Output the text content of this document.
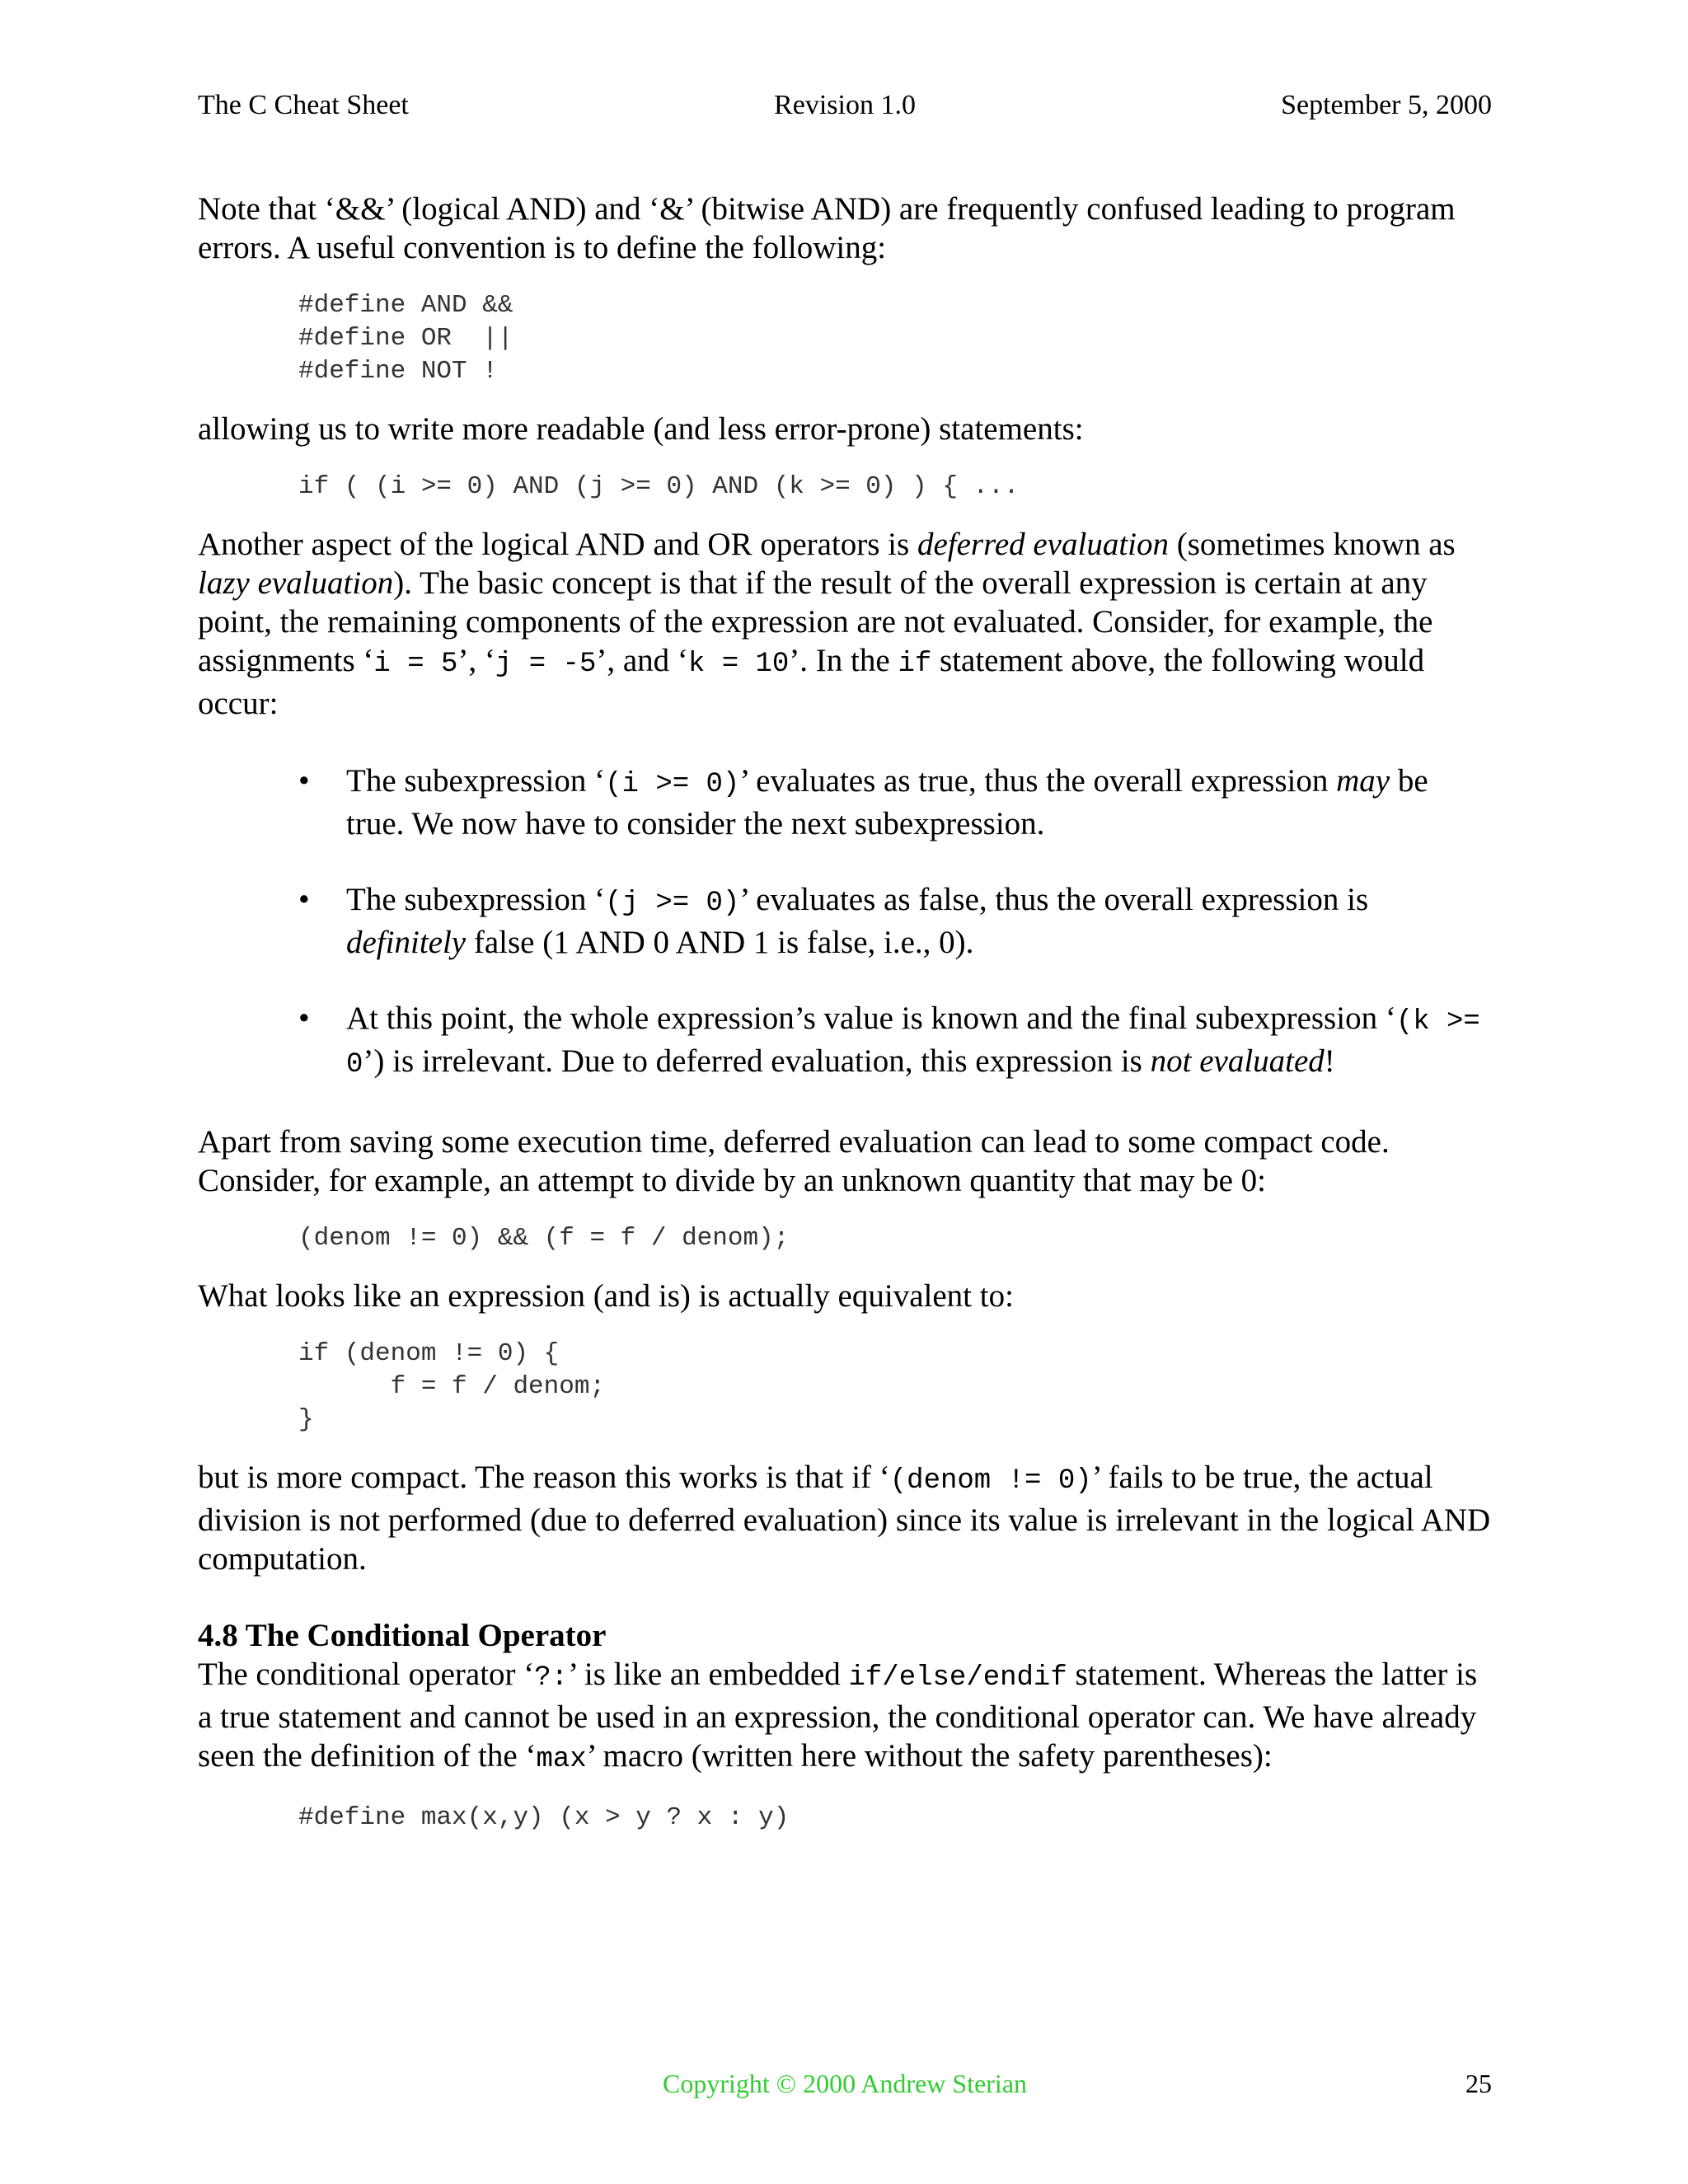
The C Cheat Sheet	Revision 1.0	September 5, 2000

Note that ‘&&’ (logical AND) and ‘&’ (bitwise AND) are frequently confused leading to program errors. A useful convention is to define the following:

#define AND &&
#define OR  ||
#define NOT !

allowing us to write more readable (and less error-prone) statements:

if ( (i >= 0) AND (j >= 0) AND (k >= 0) ) { ...

Another aspect of the logical AND and OR operators is deferred evaluation (sometimes known as lazy evaluation). The basic concept is that if the result of the overall expression is certain at any point, the remaining components of the expression are not evaluated. Consider, for example, the assignments ‘i = 5’, ‘j = -5’, and ‘k = 10’. In the if statement above, the following would occur:

• The subexpression ‘(i >= 0)’ evaluates as true, thus the overall expression may be true. We now have to consider the next subexpression.
• The subexpression ‘(j >= 0)’ evaluates as false, thus the overall expression is definitely false (1 AND 0 AND 1 is false, i.e., 0).
• At this point, the whole expression’s value is known and the final subexpression ‘(k >= 0’) is irrelevant. Due to deferred evaluation, this expression is not evaluated!

Apart from saving some execution time, deferred evaluation can lead to some compact code. Consider, for example, an attempt to divide by an unknown quantity that may be 0:

(denom != 0) && (f = f / denom);

What looks like an expression (and is) is actually equivalent to:

if (denom != 0) {
f = f / denom;
}

but is more compact. The reason this works is that if ‘(denom != 0)’ fails to be true, the actual division is not performed (due to deferred evaluation) since its value is irrelevant in the logical AND computation.

4.8 The Conditional Operator

The conditional operator ‘?:’ is like an embedded if/else/endif statement. Whereas the latter is a true statement and cannot be used in an expression, the conditional operator can. We have already seen the definition of the ‘max’ macro (written here without the safety parentheses):

#define max(x,y) (x > y ? x : y)
Copyright © 2000 Andrew Sterian	25
